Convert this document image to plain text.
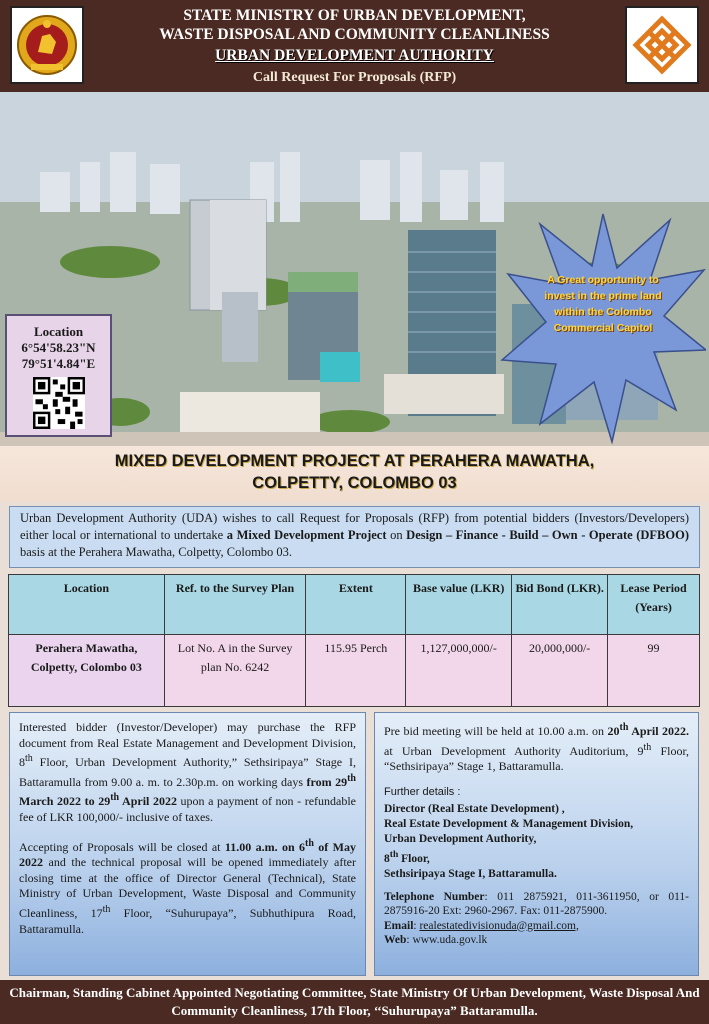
STATE MINISTRY OF URBAN DEVELOPMENT,
WASTE DISPOSAL AND COMMUNITY CLEANLINESS
URBAN DEVELOPMENT AUTHORITY
Call Request For Proposals (RFP)
A Great opportunity to invest in the prime land within the Colombo Commercial Capitol
Location
6°54'58.23"N
79°51'4.84"E
MIXED DEVELOPMENT PROJECT AT PERAHERA MAWATHA,
COLPETTY, COLOMBO 03
Urban Development Authority (UDA) wishes to call Request for Proposals (RFP) from potential bidders (Investors/Developers) either local or international to undertake a Mixed Development Project on Design – Finance - Build – Own - Operate (DFBOO) basis at the Perahera Mawatha, Colpetty, Colombo 03.
Location	Ref. to the Survey Plan	Extent	Base value (LKR)	Bid Bond (LKR).	Lease Period (Years)
Perahera Mawatha, Colpetty, Colombo 03	Lot No. A in the Survey plan No. 6242	115.95 Perch	1,127,000,000/-	20,000,000/-	99

Interested bidder (Investor/Developer) may purchase the RFP document from Real Estate Management and Development Division, 8th Floor, Urban Development Authority,” Sethsiripaya” Stage I, Battaramulla from 9.00 a. m. to 2.30p.m. on working days from 29th March 2022 to 29th April 2022 upon a payment of non - refundable fee of LKR 100,000/- inclusive of taxes.

Accepting of Proposals will be closed at 11.00 a.m. on 6th of May 2022 and the technical proposal will be opened immediately after closing time at the office of Director General (Technical), State Ministry of Urban Development, Waste Disposal and Community Cleanliness, 17th Floor, “Suhurupaya”, Subhuthipura Road, Battaramulla.

Pre bid meeting will be held at 10.00 a.m. on 20th April 2022. at Urban Development Authority Auditorium, 9th Floor, “Sethsiripaya” Stage 1, Battaramulla.

Further details :
Director (Real Estate Development) ,
Real Estate Development & Management Division,
Urban Development Authority,
8th Floor,
Sethsiripaya Stage I, Battaramulla.
Telephone Number: 011 2875921, 011-3611950, or 011-2875916-20 Ext: 2960-2967. Fax: 011-2875900.
Email: realestatedivisionuda@gmail.com,
Web: www.uda.gov.lk
Chairman, Standing Cabinet Appointed Negotiating Committee, State Ministry Of Urban Development, Waste Disposal And Community Cleanliness, 17th Floor, ‘‘Suhurupaya” Battaramulla.
